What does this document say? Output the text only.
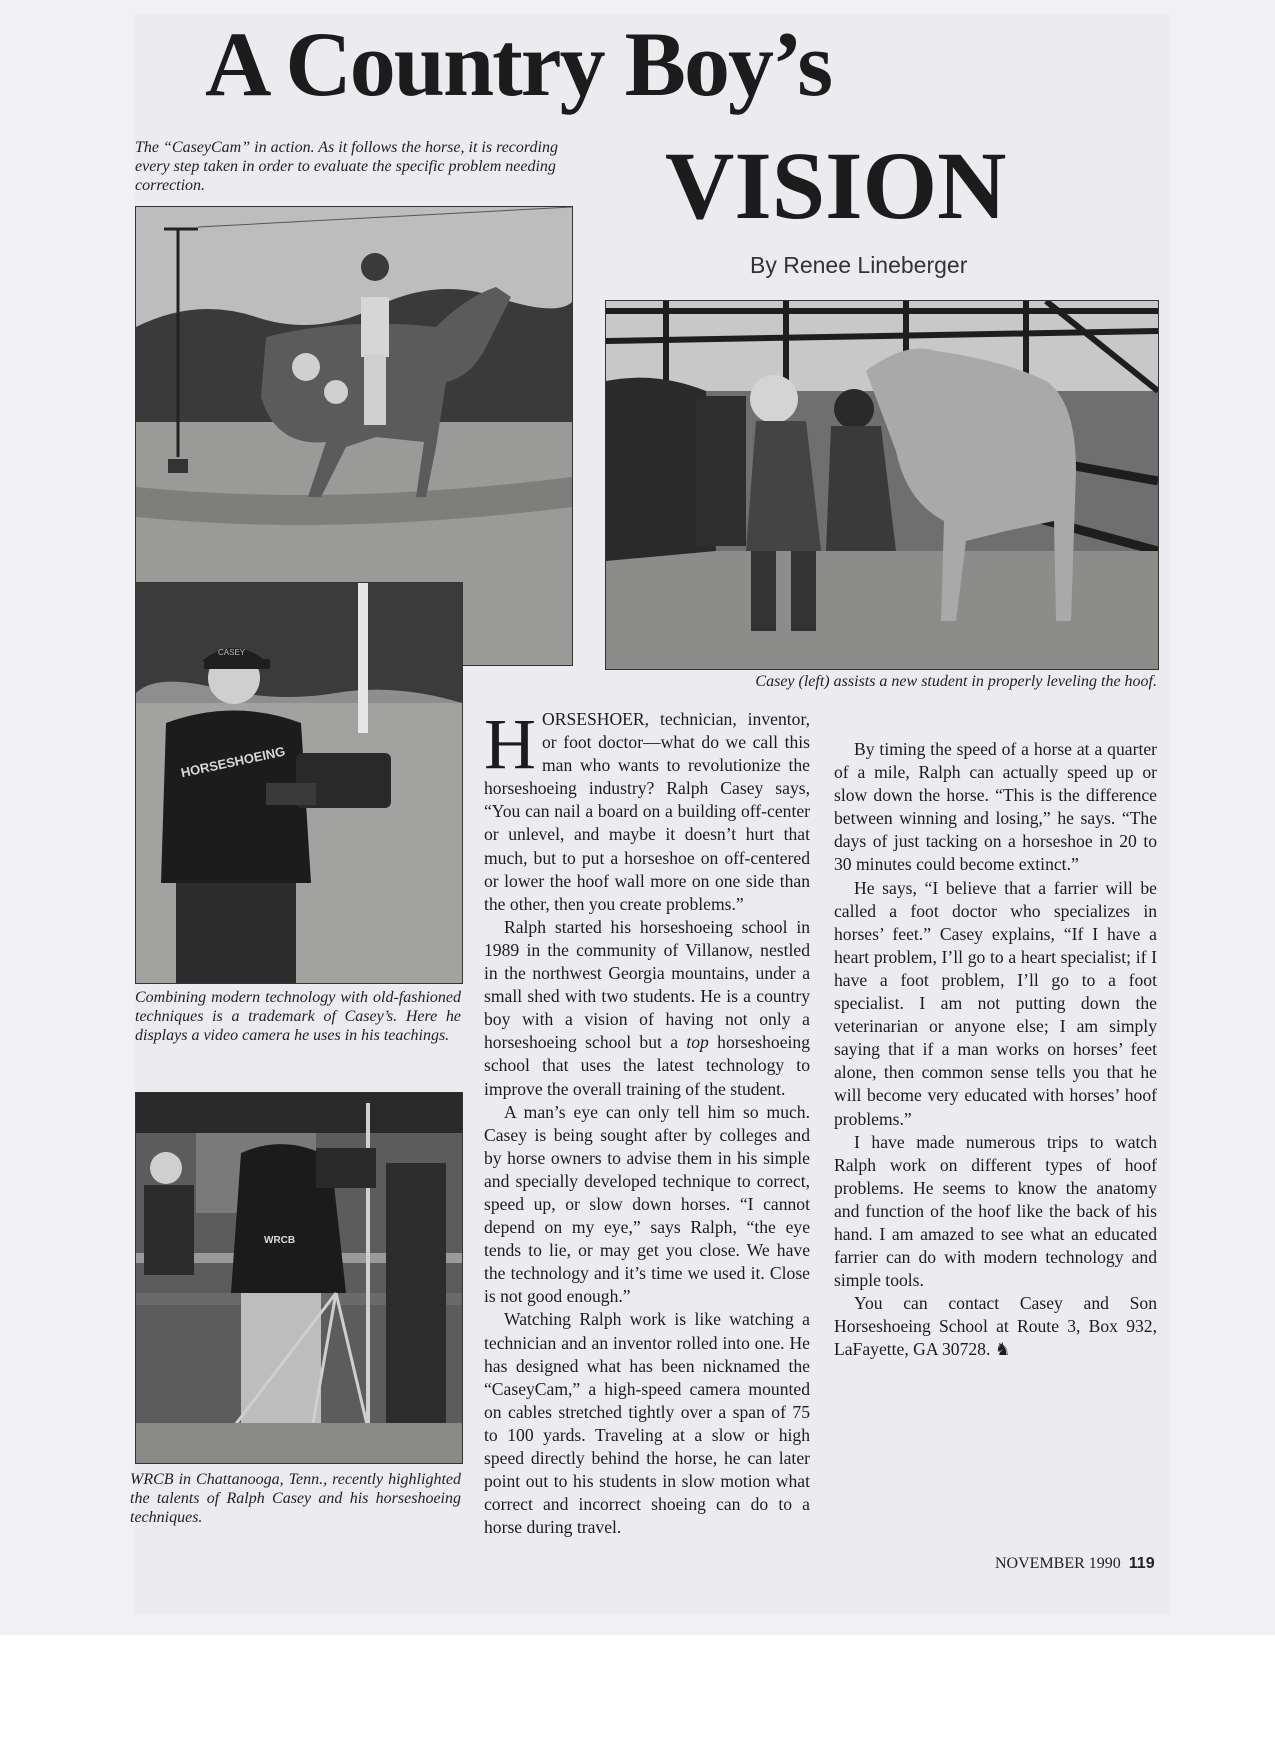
A Country Boy’s
VISION
By Renee Lineberger
The “CaseyCam” in action. As it follows the horse, it is recording every step taken in order to evaluate the specific problem needing correction.
Casey (left) assists a new student in properly leveling the hoof.
CASEY
HORSESHOEING
Combining modern technology with old-fashioned techniques is a trademark of Casey’s. Here he displays a video camera he uses in his teachings.
WRCB
WRCB in Chattanooga, Tenn., recently highlighted the talents of Ralph Casey and his horseshoeing techniques.

HORSESHOER, technician, inventor, or foot doctor—what do we call this man who wants to revolutionize the horseshoeing industry? Ralph Casey says, “You can nail a board on a building off-center or unlevel, and maybe it doesn’t hurt that much, but to put a horseshoe on off-centered or lower the hoof wall more on one side than the other, then you create problems.”

Ralph started his horseshoeing school in 1989 in the community of Villanow, nestled in the northwest Georgia mountains, under a small shed with two students. He is a country boy with a vision of having not only a horseshoeing school but a top horseshoeing school that uses the latest technology to improve the overall training of the student.

A man’s eye can only tell him so much. Casey is being sought after by colleges and by horse owners to advise them in his simple and specially developed technique to correct, speed up, or slow down horses. “I cannot depend on my eye,” says Ralph, “the eye tends to lie, or may get you close. We have the technology and it’s time we used it. Close is not good enough.”

Watching Ralph work is like watching a technician and an inventor rolled into one. He has designed what has been nicknamed the “CaseyCam,” a high-speed camera mounted on cables stretched tightly over a span of 75 to 100 yards. Traveling at a slow or high speed directly behind the horse, he can later point out to his students in slow motion what correct and incorrect shoeing can do to a horse during travel.

By timing the speed of a horse at a quarter of a mile, Ralph can actually speed up or slow down the horse. “This is the difference between winning and losing,” he says. “The days of just tacking on a horseshoe in 20 to 30 minutes could become extinct.”

He says, “I believe that a farrier will be called a foot doctor who specializes in horses’ feet.” Casey explains, “If I have a heart problem, I’ll go to a heart specialist; if I have a foot problem, I’ll go to a foot specialist. I am not putting down the veterinarian or anyone else; I am simply saying that if a man works on horses’ feet alone, then common sense tells you that he will become very educated with horses’ hoof problems.”

I have made numerous trips to watch Ralph work on different types of hoof problems. He seems to know the anatomy and function of the hoof like the back of his hand. I am amazed to see what an educated farrier can do with modern technology and simple tools.

You can contact Casey and Son Horseshoeing School at Route 3, Box 932, LaFayette, GA 30728. ♞

NOVEMBER 1990 119
